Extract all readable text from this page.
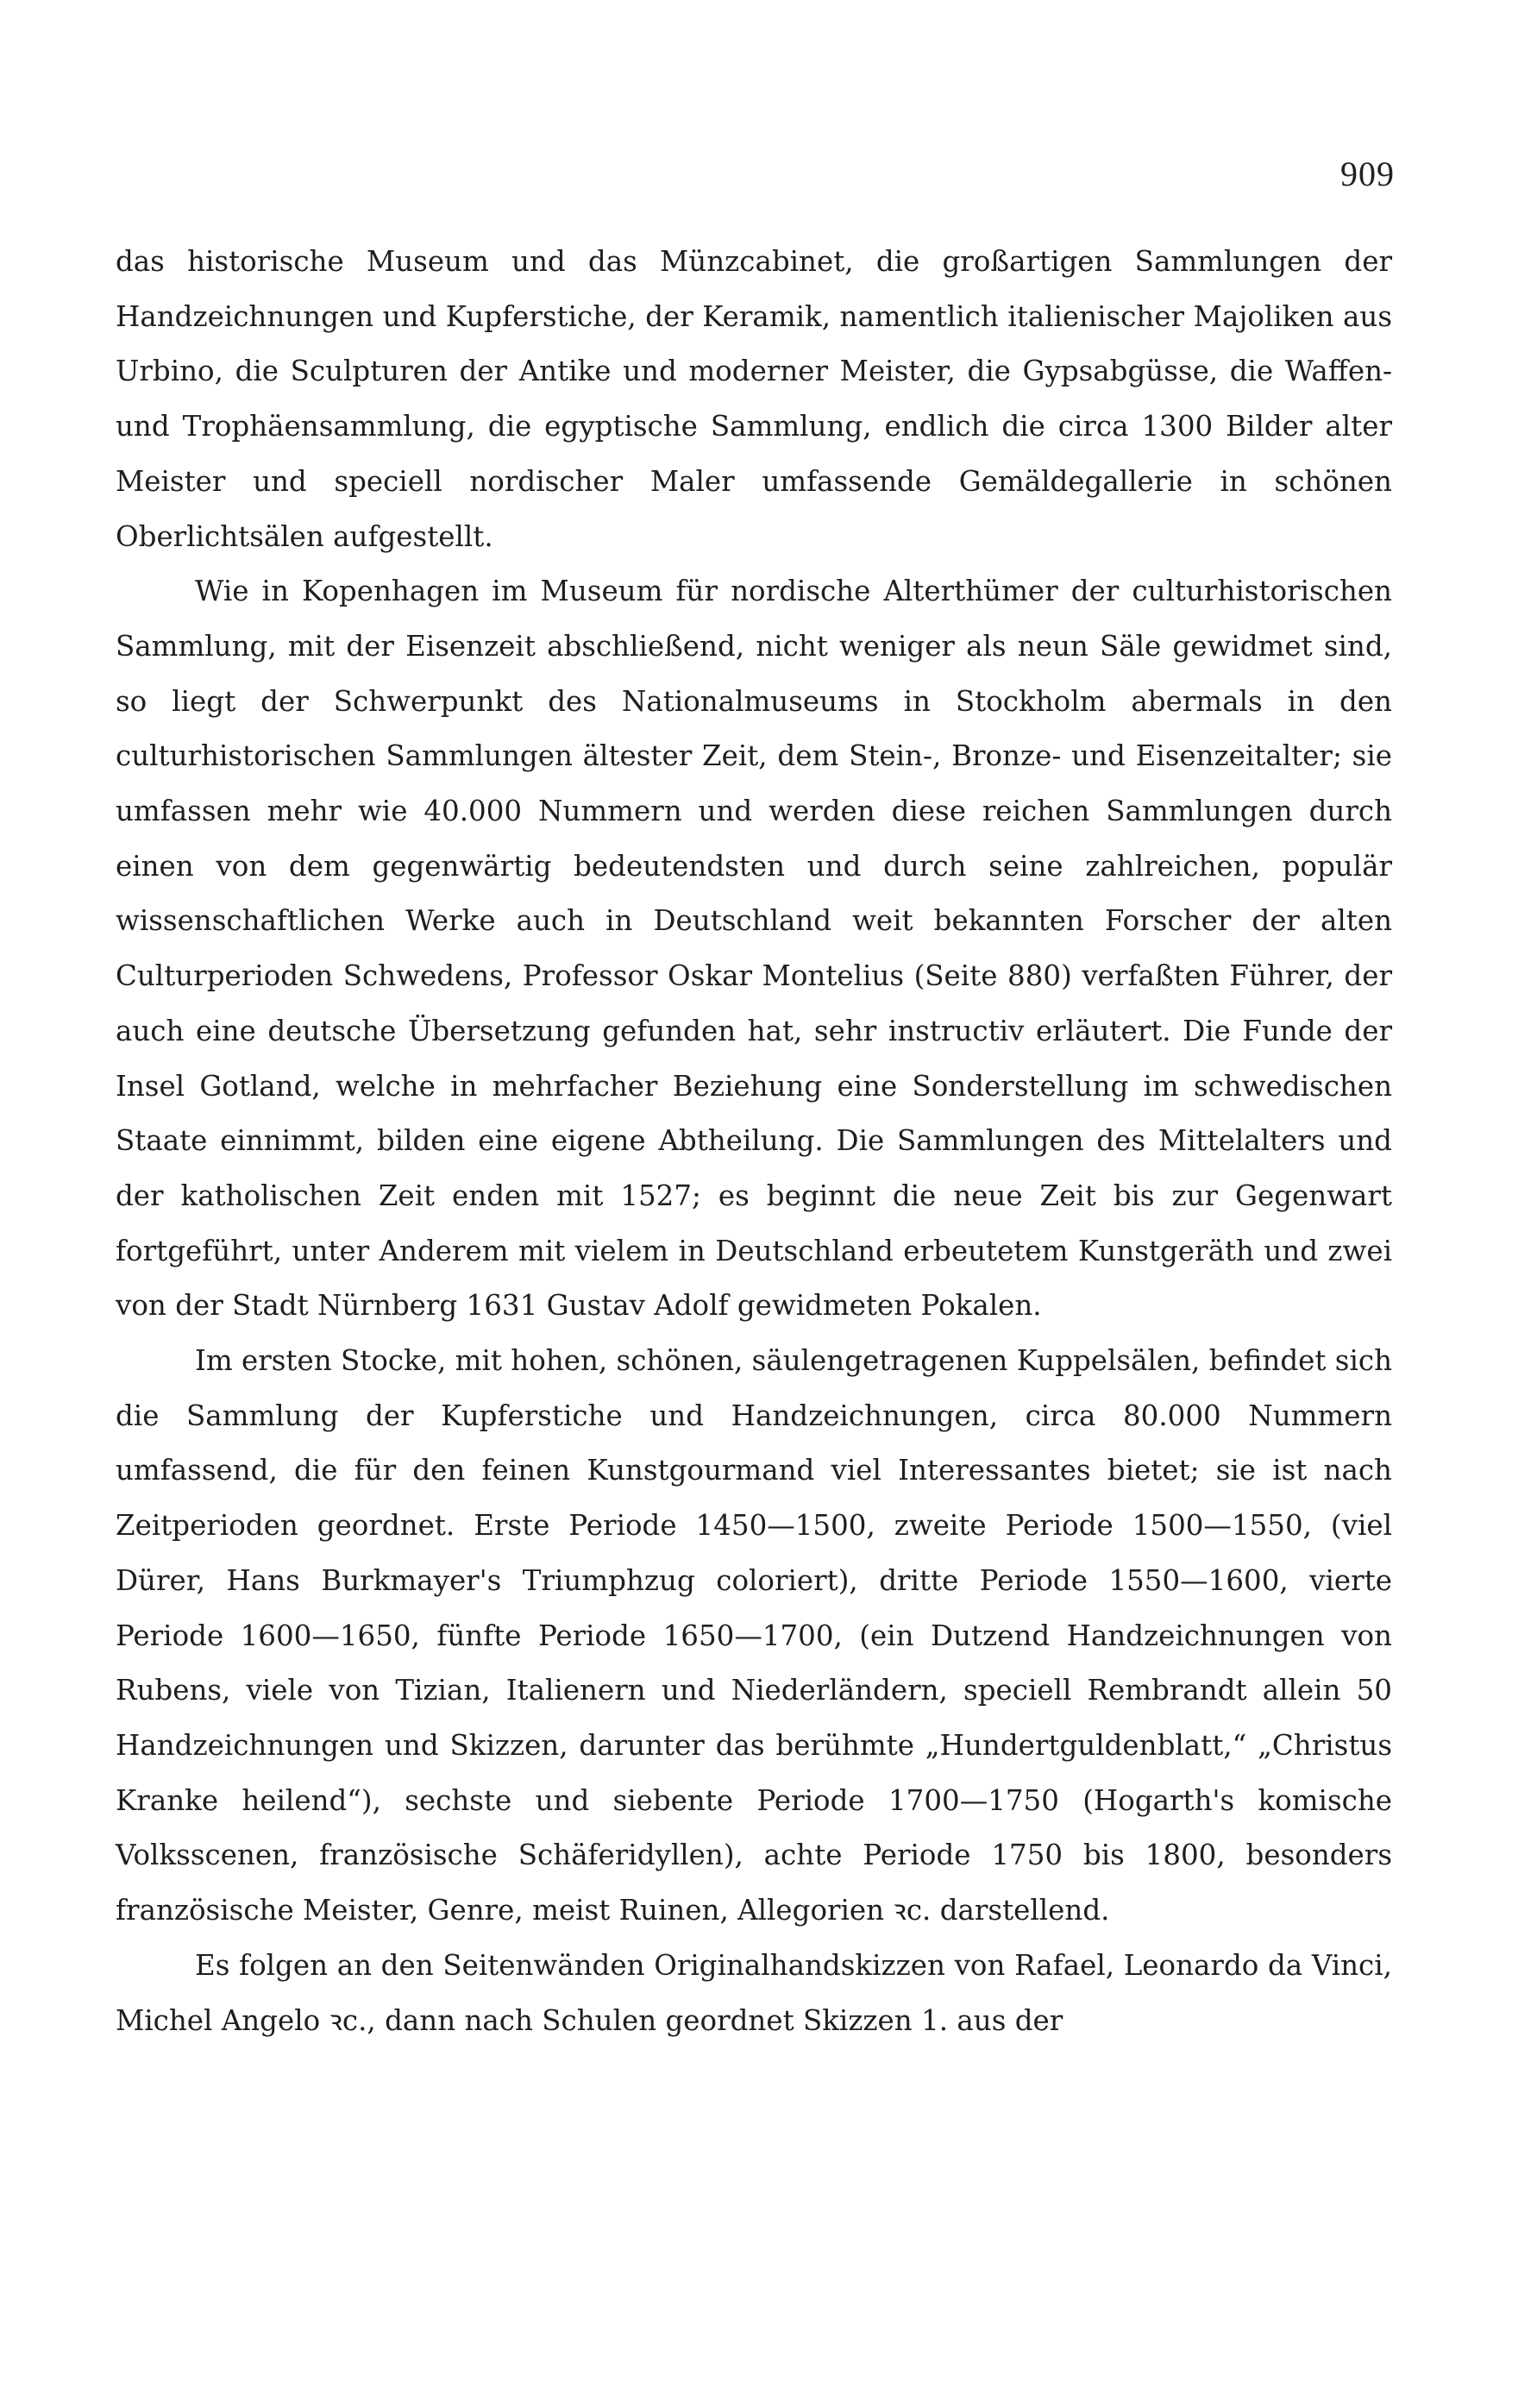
909

das historische Museum und das Münzcabinet, die großartigen Sammlungen der Handzeichnungen und Kupferstiche, der Keramik, namentlich italienischer Majoliken aus Urbino, die Sculpturen der Antike und moderner Meister, die Gypsabgüsse, die Waffen- und Trophäensammlung, die egyptische Sammlung, endlich die circa 1300 Bilder alter Meister und speciell nordischer Maler umfassende Gemäldegallerie in schönen Oberlichtsälen aufgestellt.

Wie in Kopenhagen im Museum für nordische Alterthümer der culturhistorischen Sammlung, mit der Eisenzeit abschließend, nicht weniger als neun Säle gewidmet sind, so liegt der Schwerpunkt des Nationalmuseums in Stockholm abermals in den culturhistorischen Sammlungen ältester Zeit, dem Stein-, Bronze- und Eisenzeitalter; sie umfassen mehr wie 40.000 Nummern und werden diese reichen Sammlungen durch einen von dem gegenwärtig bedeutendsten und durch seine zahlreichen, populär wissenschaftlichen Werke auch in Deutschland weit bekannten Forscher der alten Culturperioden Schwedens, Professor Oskar Montelius (Seite 880) verfaßten Führer, der auch eine deutsche Übersetzung gefunden hat, sehr instructiv erläutert. Die Funde der Insel Gotland, welche in mehrfacher Beziehung eine Sonderstellung im schwedischen Staate einnimmt, bilden eine eigene Abtheilung. Die Sammlungen des Mittelalters und der katholischen Zeit enden mit 1527; es beginnt die neue Zeit bis zur Gegenwart fortgeführt, unter Anderem mit vielem in Deutschland erbeutetem Kunstgeräth und zwei von der Stadt Nürnberg 1631 Gustav Adolf gewidmeten Pokalen.

Im ersten Stocke, mit hohen, schönen, säulengetragenen Kuppelsälen, befindet sich die Sammlung der Kupferstiche und Handzeichnungen, circa 80.000 Nummern umfassend, die für den feinen Kunstgourmand viel Interessantes bietet; sie ist nach Zeitperioden geordnet. Erste Periode 1450—1500, zweite Periode 1500—1550, (viel Dürer, Hans Burkmayer's Triumphzug coloriert), dritte Periode 1550—1600, vierte Periode 1600—1650, fünfte Periode 1650—1700, (ein Dutzend Handzeichnungen von Rubens, viele von Tizian, Italienern und Niederländern, speciell Rembrandt allein 50 Handzeichnungen und Skizzen, darunter das berühmte „Hundertguldenblatt,“ „Christus Kranke heilend“), sechste und siebente Periode 1700—1750 (Hogarth's komische Volksscenen, französische Schäferidyllen), achte Periode 1750 bis 1800, besonders französische Meister, Genre, meist Ruinen, Allegorien ꝛc. darstellend.

Es folgen an den Seitenwänden Originalhandskizzen von Rafael, Leonardo da Vinci, Michel Angelo ꝛc., dann nach Schulen geordnet Skizzen 1. aus der
